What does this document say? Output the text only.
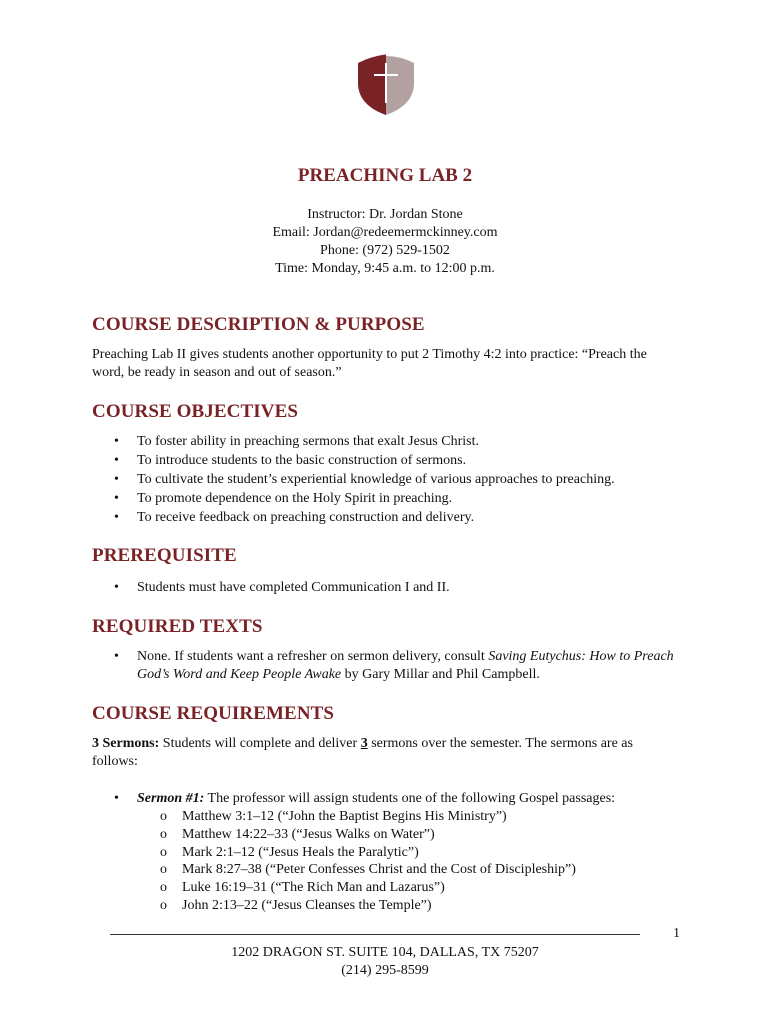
PREACHING LAB 2
Instructor: Dr. Jordan Stone
Email: Jordan@redeemermckinney.com
Phone: (972) 529-1502
Time: Monday, 9:45 a.m. to 12:00 p.m.
COURSE DESCRIPTION & PURPOSE

Preaching Lab II gives students another opportunity to put 2 Timothy 4:2 into practice: “Preach the word, be ready in season and out of season.”

COURSE OBJECTIVES
• To foster ability in preaching sermons that exalt Jesus Christ.
• To introduce students to the basic construction of sermons.
• To cultivate the student’s experiential knowledge of various approaches to preaching.
• To promote dependence on the Holy Spirit in preaching.
• To receive feedback on preaching construction and delivery.
PREREQUISITE
• Students must have completed Communication I and II.
REQUIRED TEXTS
• None. If students want a refresher on sermon delivery, consult Saving Eutychus: How to Preach God’s Word and Keep People Awake by Gary Millar and Phil Campbell.
COURSE REQUIREMENTS

3 Sermons: Students will complete and deliver 3 sermons over the semester. The sermons are as follows:

• Sermon #1: The professor will assign students one of the following Gospel passages:
o Matthew 3:1–12 (“John the Baptist Begins His Ministry”)
o Matthew 14:22–33 (“Jesus Walks on Water”)
o Mark 2:1–12 (“Jesus Heals the Paralytic”)
o Mark 8:27–38 (“Peter Confesses Christ and the Cost of Discipleship”)
o Luke 16:19–31 (“The Rich Man and Lazarus”)
o John 2:13–22 (“Jesus Cleanses the Temple”)
1
1202 DRAGON ST. SUITE 104, DALLAS, TX 75207
(214) 295-8599
